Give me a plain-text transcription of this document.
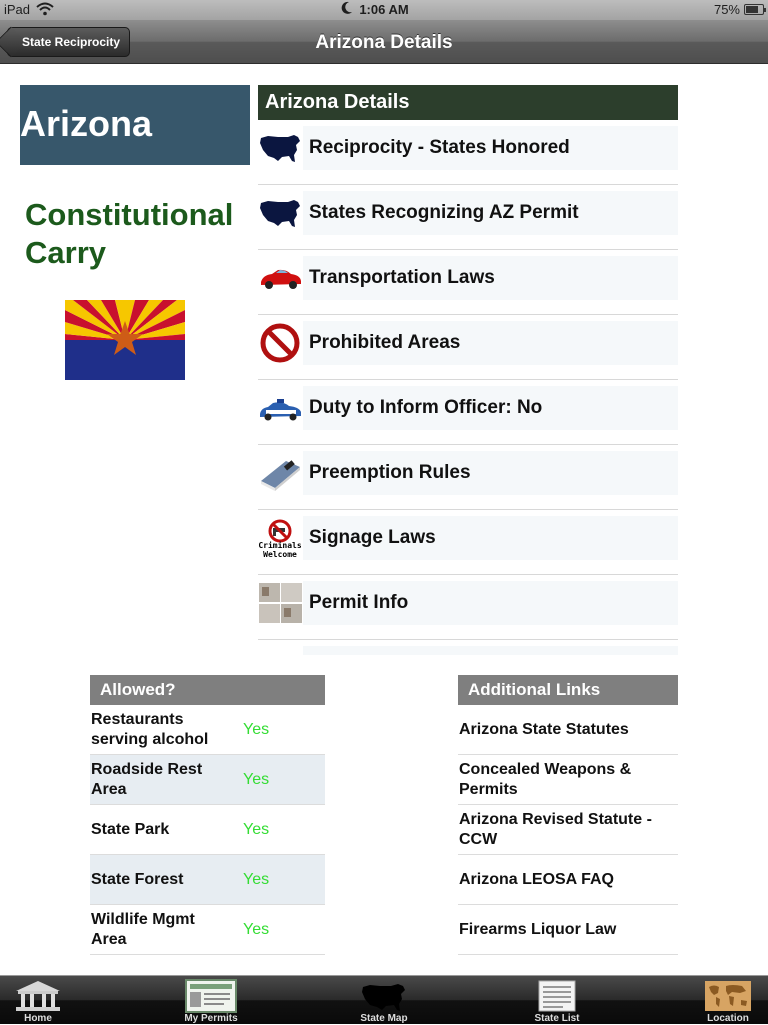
iPad	1:06 AM	75%
State Reciprocity	Arizona Details
Arizona
Constitutional Carry
Arizona Details
Reciprocity - States Honored
States Recognizing AZ Permit
Transportation Laws
Prohibited Areas
Duty to Inform Officer: No
Preemption Rules
Criminals
Welcome
Signage Laws
Permit Info
Allowed?
Restaurants serving alcohol
Yes
Roadside Rest Area
Yes
State Park	Yes
State Forest	Yes
Wildlife Mgmt Area
Yes
Additional Links
Arizona State Statutes
Concealed Weapons & Permits
Arizona Revised Statute - CCW
Arizona LEOSA FAQ
Firearms Liquor Law
Home	My Permits	State Map	State List	Location
